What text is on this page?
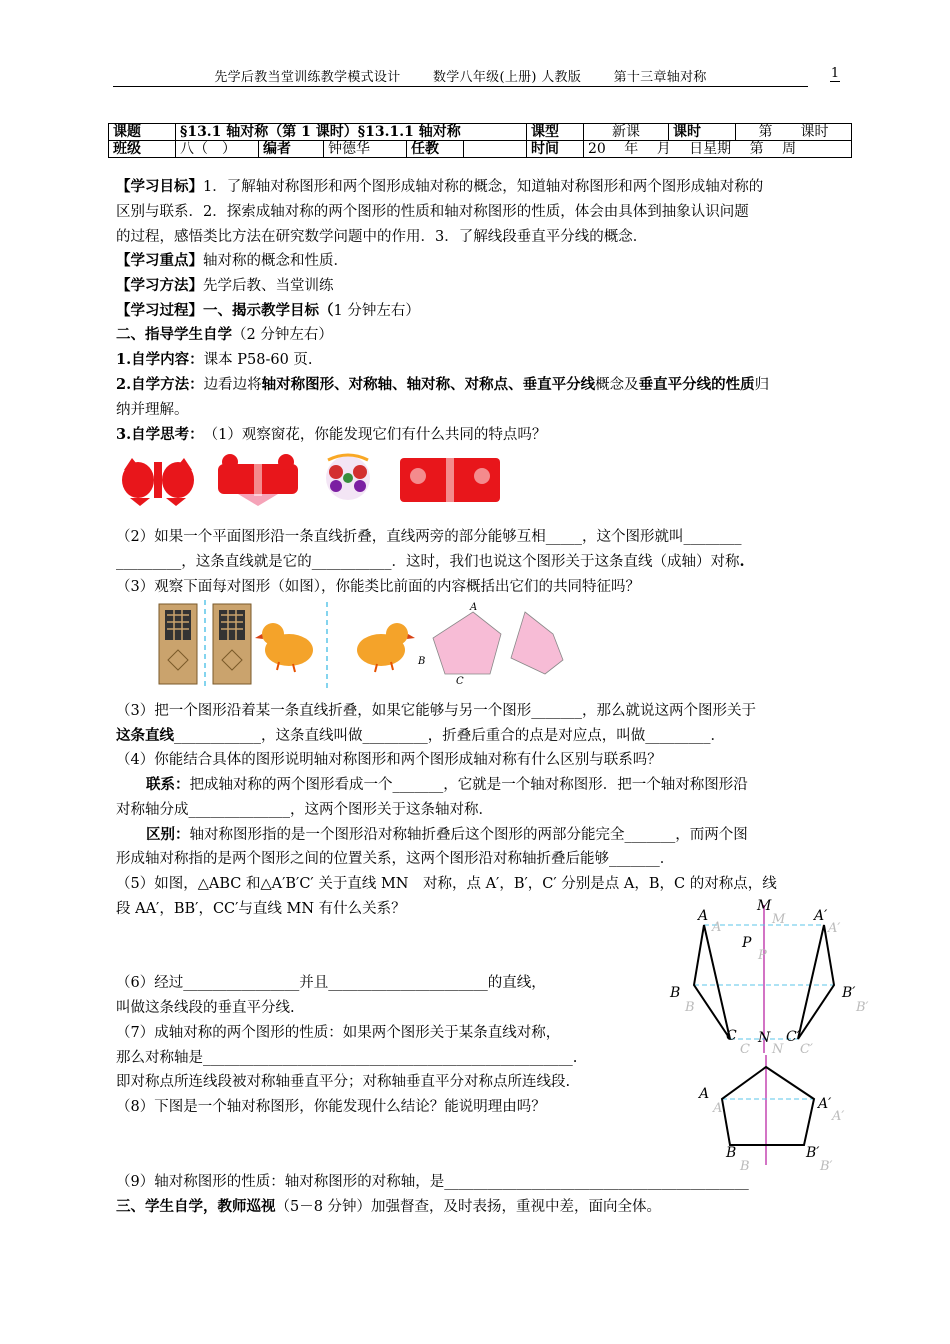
先学后教当堂训练教学模式设计 数学八年级(上册) 人教版 第十三章轴对称	1
课题	§13.1 轴对称（第 1 课时）§13.1.1 轴对称					课型	新课	课时	第　　课时
班级	八（　）	编者	钟德华	任教		时间	20　 年　 月　 日星期　 第　 周		
【学习目标】1．了解轴对称图形和两个图形成轴对称的概念，知道轴对称图形和两个图形成轴对称的
区别与联系．2．探索成轴对称的两个图形的性质和轴对称图形的性质，体会由具体到抽象认识问题
的过程，感悟类比方法在研究数学问题中的作用．3．了解线段垂直平分线的概念．
【学习重点】轴对称的概念和性质．
【学习方法】先学后教、当堂训练
【学习过程】一、揭示教学目标（1 分钟左右）
二、指导学生自学（2 分钟左右）
1.自学内容：课本 P58-60 页.
2.自学方法：边看边将轴对称图形、对称轴、轴对称、对称点、垂直平分线概念及垂直平分线的性质归
纳并理解。
3.自学思考：　 （1）观察窗花，你能发现它们有什么共同的特点吗？
（2）如果一个平面图形沿一条直线折叠，直线两旁的部分能够互相_____，这个图形就叫________
_________，这条直线就是它的___________．这时，我们也说这个图形关于这条直线（成轴）对称.
（3）观察下面每对图形（如图），你能类比前面的内容概括出它们的共同特征吗？
A
B
C
（3）把一个图形沿着某一条直线折叠，如果它能够与另一个图形_______，那么就说这两个图形关于
这条直线____________，这条直线叫做_________，折叠后重合的点是对应点，叫做_________．
（4）你能结合具体的图形说明轴对称图形和两个图形成轴对称有什么区别与联系吗？
联系：把成轴对称的两个图形看成一个_______，它就是一个轴对称图形．把一个轴对称图形沿
对称轴分成______________，这两个图形关于这条轴对称．
区别：轴对称图形指的是一个图形沿对称轴折叠后这个图形的两部分能完全_______，而两个图
形成轴对称指的是两个图形之间的位置关系，这两个图形沿对称轴折叠后能够_______．
（5）如图，△ABC 和△A′B′C′ 关于直线 MN　对称，点 A′，B′，C′ 分别是点 A，B，C 的对称点，线
段 AA′，BB′，CC′与直线 MN 有什么关系？	A
A
M
M A′
A′
P
P
B
B
B′
B′
C
C
N
N
C′
C′
（6）经过________________并且______________________的直线，
叫做这条线段的垂直平分线.
（7）成轴对称的两个图形的性质：如果两个图形关于某条直线对称，
那么对称轴是___________________________________________________.
即对称点所连线段被对称轴垂直平分；对称轴垂直平分对称点所连线段.
（8）下图是一个轴对称图形，你能发现什么结论？能说明理由吗？
A
A	A′
A′
B
B
B′
B′
（9）轴对称图形的性质：轴对称图形的对称轴，是__________________________________________
三、学生自学，教师巡视（5－8 分钟）加强督查，及时表扬，重视中差，面向全体。
